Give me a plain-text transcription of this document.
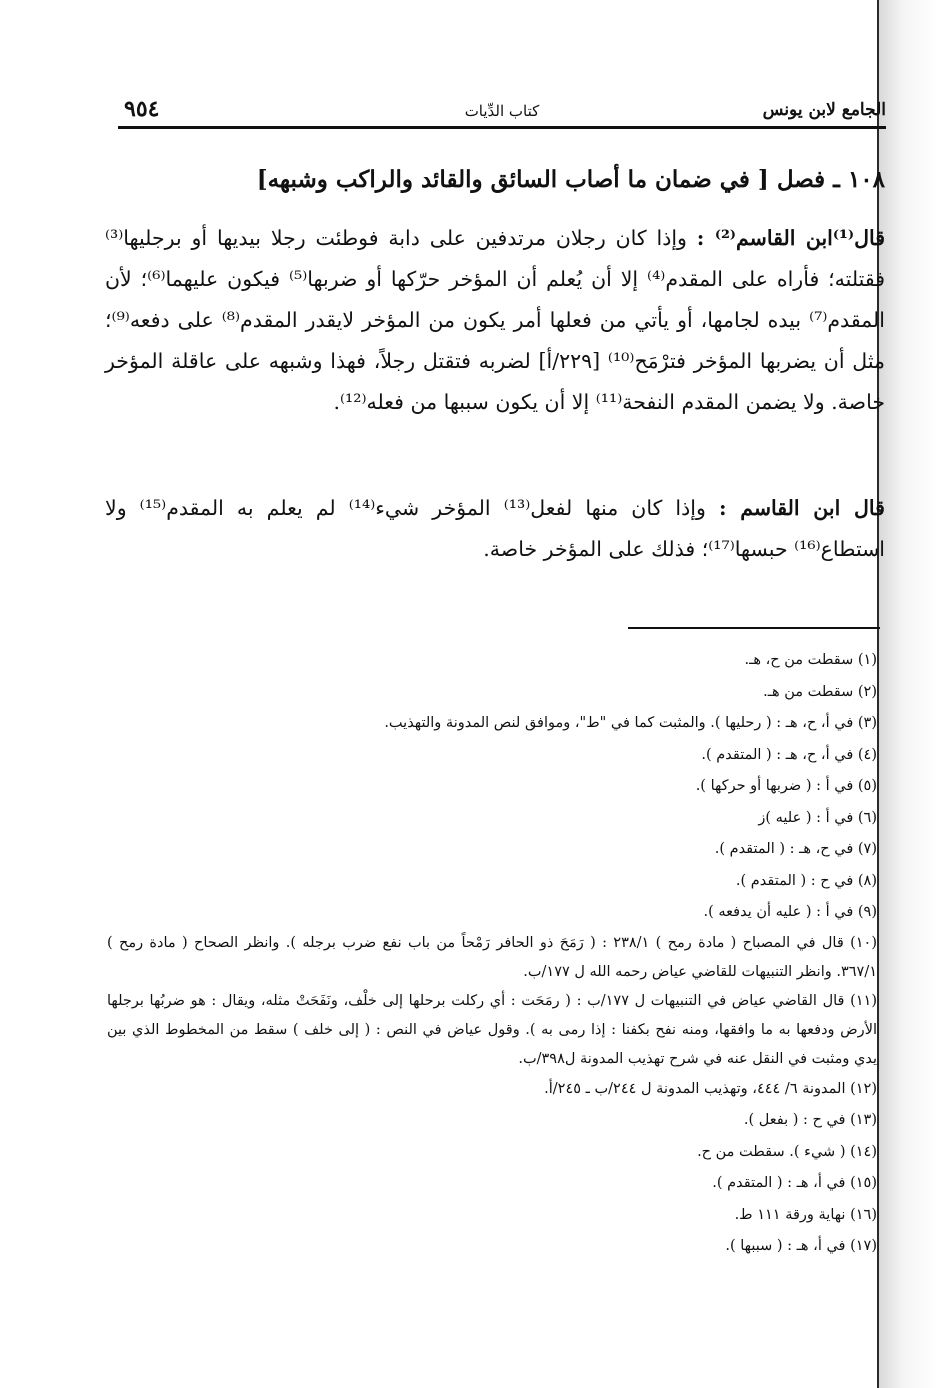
الجامع لابن يونس
كتاب الدِّيات
٩٥٤
١٠٨ ـ فصل [ في ضمان ما أصاب السائق والقائد والراكب وشبهه]
قال⁽¹⁾ابن القاسم⁽²⁾ : وإذا كان رجلان مرتدفين على دابة فوطئت رجلا بيديها أو برجليها⁽³⁾ فقتلته؛ فأراه على المقدم⁽⁴⁾ إلا أن يُعلم أن المؤخر حرّكها أو ضربها⁽⁵⁾ فيكون عليهما⁽⁶⁾؛ لأن المقدم⁽⁷⁾ بيده لجامها، أو يأتي من فعلها أمر يكون من المؤخر لايقدر المقدم⁽⁸⁾ على دفعه⁽⁹⁾؛ مثل أن يضربها المؤخر فترْمَح⁽¹⁰⁾ [٢٢٩/أ] لضربه فتقتل رجلاً، فهذا وشبهه على عاقلة المؤخر خاصة. ولا يضمن المقدم النفحة⁽¹¹⁾ إلا أن يكون سببها من فعله⁽¹²⁾.
قال ابن القاسم : وإذا كان منها لفعل⁽¹³⁾ المؤخر شيء⁽¹⁴⁾ لم يعلم به المقدم⁽¹⁵⁾ ولا استطاع⁽¹⁶⁾ حبسها⁽¹⁷⁾؛ فذلك على المؤخر خاصة.
(١) سقطت من ح، هـ.
(٢) سقطت من هـ.
(٣) في أ، ح، هـ : ( رحليها ). والمثبت كما في "ط"، وموافق لنص المدونة والتهذيب.
(٤) في أ، ح، هـ : ( المتقدم ).
(٥) في أ : ( ضربها أو حركها ).
(٦) في أ : ( عليه )ز
(٧) في ح، هـ : ( المتقدم ).
(٨) في ح : ( المتقدم ).
(٩) في أ : ( عليه أن يدفعه ).
(١٠) قال في المصباح ( مادة رمح ) ٢٣٨/١ : ( رَمَحَ ذو الحافر رَمْحاً من باب نفع ضرب برجله ). وانظر الصحاح ( مادة رمح ) ٣٦٧/١. وانظر التنبيهات للقاضي عياض رحمه الله ل ١٧٧/ب.
(١١) قال القاضي عياض في التنبيهات ل ١٧٧/ب : ( رمَحَت : أي ركلت برحلها إلى خلْف، ونَفَحَتْ مثله، ويقال : هو ضربُها برجلها الأرض ودفعها به ما وافقها، ومنه نفح بكفنا : إذا رمى به ). وقول عياض في النص : ( إلى خلف ) سقط من المخطوط الذي بين يدي ومثبت في النقل عنه في شرح تهذيب المدونة ل٣٩٨/ب.
(١٢) المدونة ٦/ ٤٤٤، وتهذيب المدونة ل ٢٤٤/ب ـ ٢٤٥/أ.
(١٣) في ح : ( بفعل ).
(١٤) ( شيء ). سقطت من ح.
(١٥) في أ، هـ : ( المتقدم ).
(١٦) نهاية ورقة ١١١ ط.
(١٧) في أ، هـ : ( سببها ).
